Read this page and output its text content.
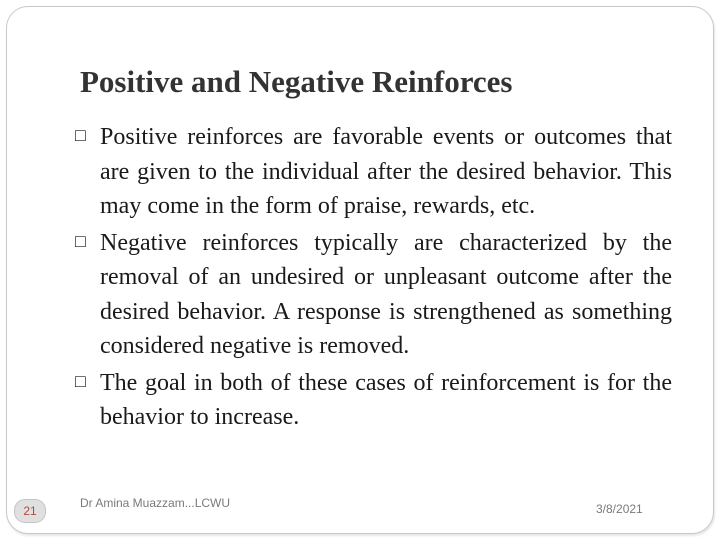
Positive and Negative Reinforces
□ Positive reinforces are favorable events or outcomes that are given to the individual after the desired behavior. This may come in the form of praise, rewards, etc.
□ Negative reinforces typically are characterized by the removal of an undesired or unpleasant outcome after the desired behavior. A response is strengthened as something considered negative is removed.
□ The goal in both of these cases of reinforcement is for the behavior to increase.
21
Dr Amina Muazzam...LCWU	3/8/2021
